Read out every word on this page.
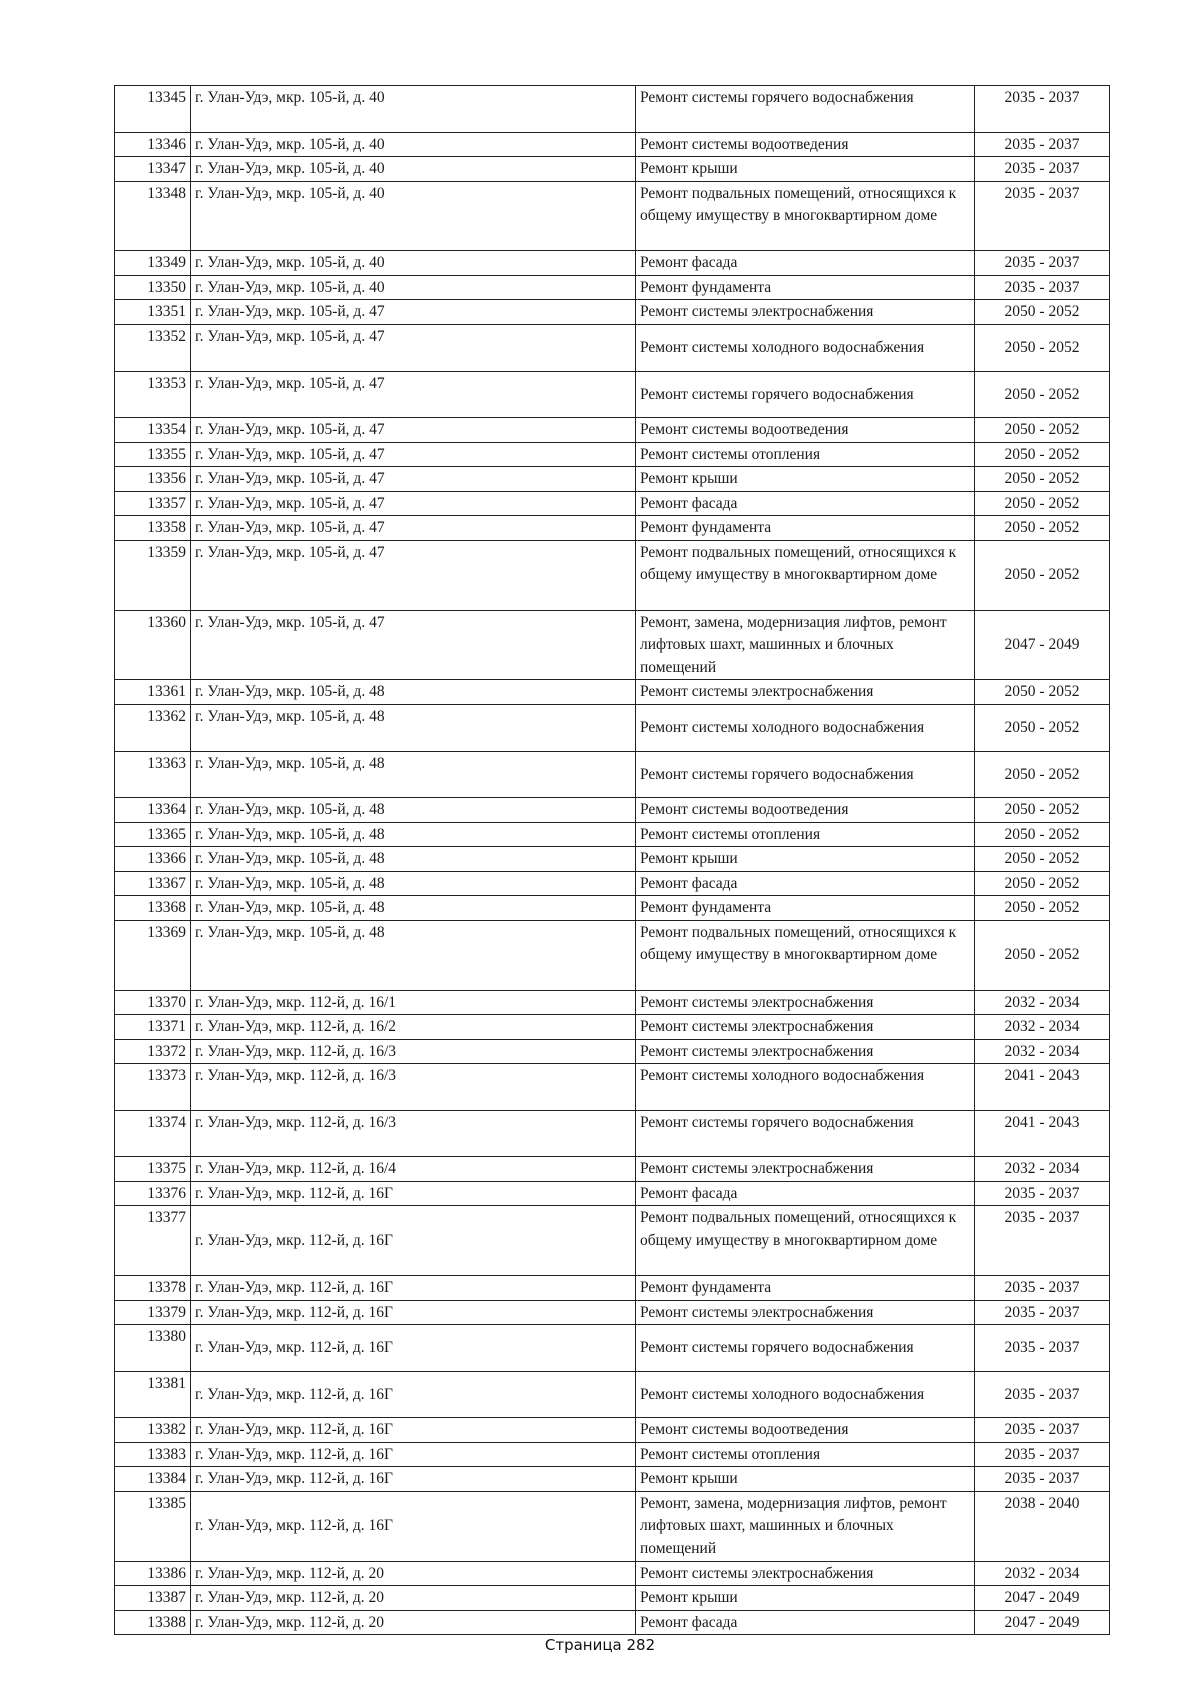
13345	г. Улан-Удэ, мкр. 105-й, д. 40	Ремонт системы горячего водоснабжения	2035 - 2037
13346	г. Улан-Удэ, мкр. 105-й, д. 40	Ремонт системы водоотведения	2035 - 2037
13347	г. Улан-Удэ, мкр. 105-й, д. 40	Ремонт крыши	2035 - 2037
13348	г. Улан-Удэ, мкр. 105-й, д. 40	Ремонт подвальных помещений, относящихся к общему имуществу в многоквартирном доме	2035 - 2037
13349	г. Улан-Удэ, мкр. 105-й, д. 40	Ремонт фасада	2035 - 2037
13350	г. Улан-Удэ, мкр. 105-й, д. 40	Ремонт фундамента	2035 - 2037
13351	г. Улан-Удэ, мкр. 105-й, д. 47	Ремонт системы электроснабжения	2050 - 2052
13352	г. Улан-Удэ, мкр. 105-й, д. 47	Ремонт системы холодного водоснабжения	2050 - 2052
13353	г. Улан-Удэ, мкр. 105-й, д. 47	Ремонт системы горячего водоснабжения	2050 - 2052
13354	г. Улан-Удэ, мкр. 105-й, д. 47	Ремонт системы водоотведения	2050 - 2052
13355	г. Улан-Удэ, мкр. 105-й, д. 47	Ремонт системы отопления	2050 - 2052
13356	г. Улан-Удэ, мкр. 105-й, д. 47	Ремонт крыши	2050 - 2052
13357	г. Улан-Удэ, мкр. 105-й, д. 47	Ремонт фасада	2050 - 2052
13358	г. Улан-Удэ, мкр. 105-й, д. 47	Ремонт фундамента	2050 - 2052
13359	г. Улан-Удэ, мкр. 105-й, д. 47	Ремонт подвальных помещений, относящихся к общему имуществу в многоквартирном доме	2050 - 2052
13360	г. Улан-Удэ, мкр. 105-й, д. 47	Ремонт, замена, модернизация лифтов, ремонт лифтовых шахт, машинных и блочных помещений	2047 - 2049
13361	г. Улан-Удэ, мкр. 105-й, д. 48	Ремонт системы электроснабжения	2050 - 2052
13362	г. Улан-Удэ, мкр. 105-й, д. 48	Ремонт системы холодного водоснабжения	2050 - 2052
13363	г. Улан-Удэ, мкр. 105-й, д. 48	Ремонт системы горячего водоснабжения	2050 - 2052
13364	г. Улан-Удэ, мкр. 105-й, д. 48	Ремонт системы водоотведения	2050 - 2052
13365	г. Улан-Удэ, мкр. 105-й, д. 48	Ремонт системы отопления	2050 - 2052
13366	г. Улан-Удэ, мкр. 105-й, д. 48	Ремонт крыши	2050 - 2052
13367	г. Улан-Удэ, мкр. 105-й, д. 48	Ремонт фасада	2050 - 2052
13368	г. Улан-Удэ, мкр. 105-й, д. 48	Ремонт фундамента	2050 - 2052
13369	г. Улан-Удэ, мкр. 105-й, д. 48	Ремонт подвальных помещений, относящихся к общему имуществу в многоквартирном доме	2050 - 2052
13370	г. Улан-Удэ, мкр. 112-й, д. 16/1	Ремонт системы электроснабжения	2032 - 2034
13371	г. Улан-Удэ, мкр. 112-й, д. 16/2	Ремонт системы электроснабжения	2032 - 2034
13372	г. Улан-Удэ, мкр. 112-й, д. 16/3	Ремонт системы электроснабжения	2032 - 2034
13373	г. Улан-Удэ, мкр. 112-й, д. 16/3	Ремонт системы холодного водоснабжения	2041 - 2043
13374	г. Улан-Удэ, мкр. 112-й, д. 16/3	Ремонт системы горячего водоснабжения	2041 - 2043
13375	г. Улан-Удэ, мкр. 112-й, д. 16/4	Ремонт системы электроснабжения	2032 - 2034
13376	г. Улан-Удэ, мкр. 112-й, д. 16Г	Ремонт фасада	2035 - 2037
13377	г. Улан-Удэ, мкр. 112-й, д. 16Г	Ремонт подвальных помещений, относящихся к общему имуществу в многоквартирном доме	2035 - 2037
13378	г. Улан-Удэ, мкр. 112-й, д. 16Г	Ремонт фундамента	2035 - 2037
13379	г. Улан-Удэ, мкр. 112-й, д. 16Г	Ремонт системы электроснабжения	2035 - 2037
13380	г. Улан-Удэ, мкр. 112-й, д. 16Г	Ремонт системы горячего водоснабжения	2035 - 2037
13381	г. Улан-Удэ, мкр. 112-й, д. 16Г	Ремонт системы холодного водоснабжения	2035 - 2037
13382	г. Улан-Удэ, мкр. 112-й, д. 16Г	Ремонт системы водоотведения	2035 - 2037
13383	г. Улан-Удэ, мкр. 112-й, д. 16Г	Ремонт системы отопления	2035 - 2037
13384	г. Улан-Удэ, мкр. 112-й, д. 16Г	Ремонт крыши	2035 - 2037
13385	г. Улан-Удэ, мкр. 112-й, д. 16Г	Ремонт, замена, модернизация лифтов, ремонт лифтовых шахт, машинных и блочных помещений	2038 - 2040
13386	г. Улан-Удэ, мкр. 112-й, д. 20	Ремонт системы электроснабжения	2032 - 2034
13387	г. Улан-Удэ, мкр. 112-й, д. 20	Ремонт крыши	2047 - 2049
13388	г. Улан-Удэ, мкр. 112-й, д. 20	Ремонт фасада	2047 - 2049
Страница 282
